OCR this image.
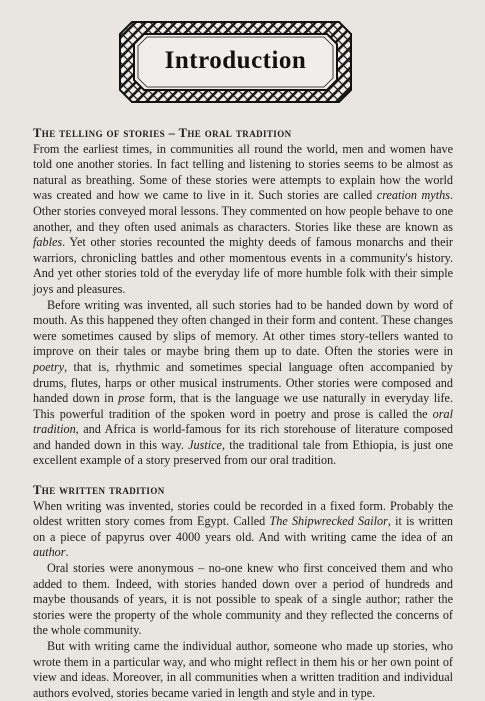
Introduction
The telling of stories – The oral tradition

From the earliest times, in communities all round the world, men and women have told one another stories. In fact telling and listening to stories seems to be almost as natural as breathing. Some of these stories were attempts to explain how the world was created and how we came to live in it. Such stories are called creation myths. Other stories conveyed moral lessons. They commented on how people behave to one another, and they often used animals as characters. Stories like these are known as fables. Yet other stories recounted the mighty deeds of famous monarchs and their warriors, chronicling battles and other momentous events in a community's history. And yet other stories told of the everyday life of more humble folk with their simple joys and pleasures.

Before writing was invented, all such stories had to be handed down by word of mouth. As this happened they often changed in their form and content. These changes were sometimes caused by slips of memory. At other times story-tellers wanted to improve on their tales or maybe bring them up to date. Often the stories were in poetry, that is, rhythmic and sometimes special language often accompanied by drums, flutes, harps or other musical instruments. Other stories were composed and handed down in prose form, that is the language we use naturally in everyday life. This powerful tradition of the spoken word in poetry and prose is called the oral tradition, and Africa is world-famous for its rich storehouse of literature composed and handed down in this way. Justice, the traditional tale from Ethiopia, is just one excellent example of a story preserved from our oral tradition.

The written tradition

When writing was invented, stories could be recorded in a fixed form. Probably the oldest written story comes from Egypt. Called The Shipwrecked Sailor, it is written on a piece of papyrus over 4000 years old. And with writing came the idea of an author.

Oral stories were anonymous – no-one knew who first conceived them and who added to them. Indeed, with stories handed down over a period of hundreds and maybe thousands of years, it is not possible to speak of a single author; rather the stories were the property of the whole community and they reflected the concerns of the whole community.

But with writing came the individual author, someone who made up stories, who wrote them in a particular way, and who might reflect in them his or her own point of view and ideas. Moreover, in all communities when a written tradition and individual authors evolved, stories became varied in length and style and in type.
